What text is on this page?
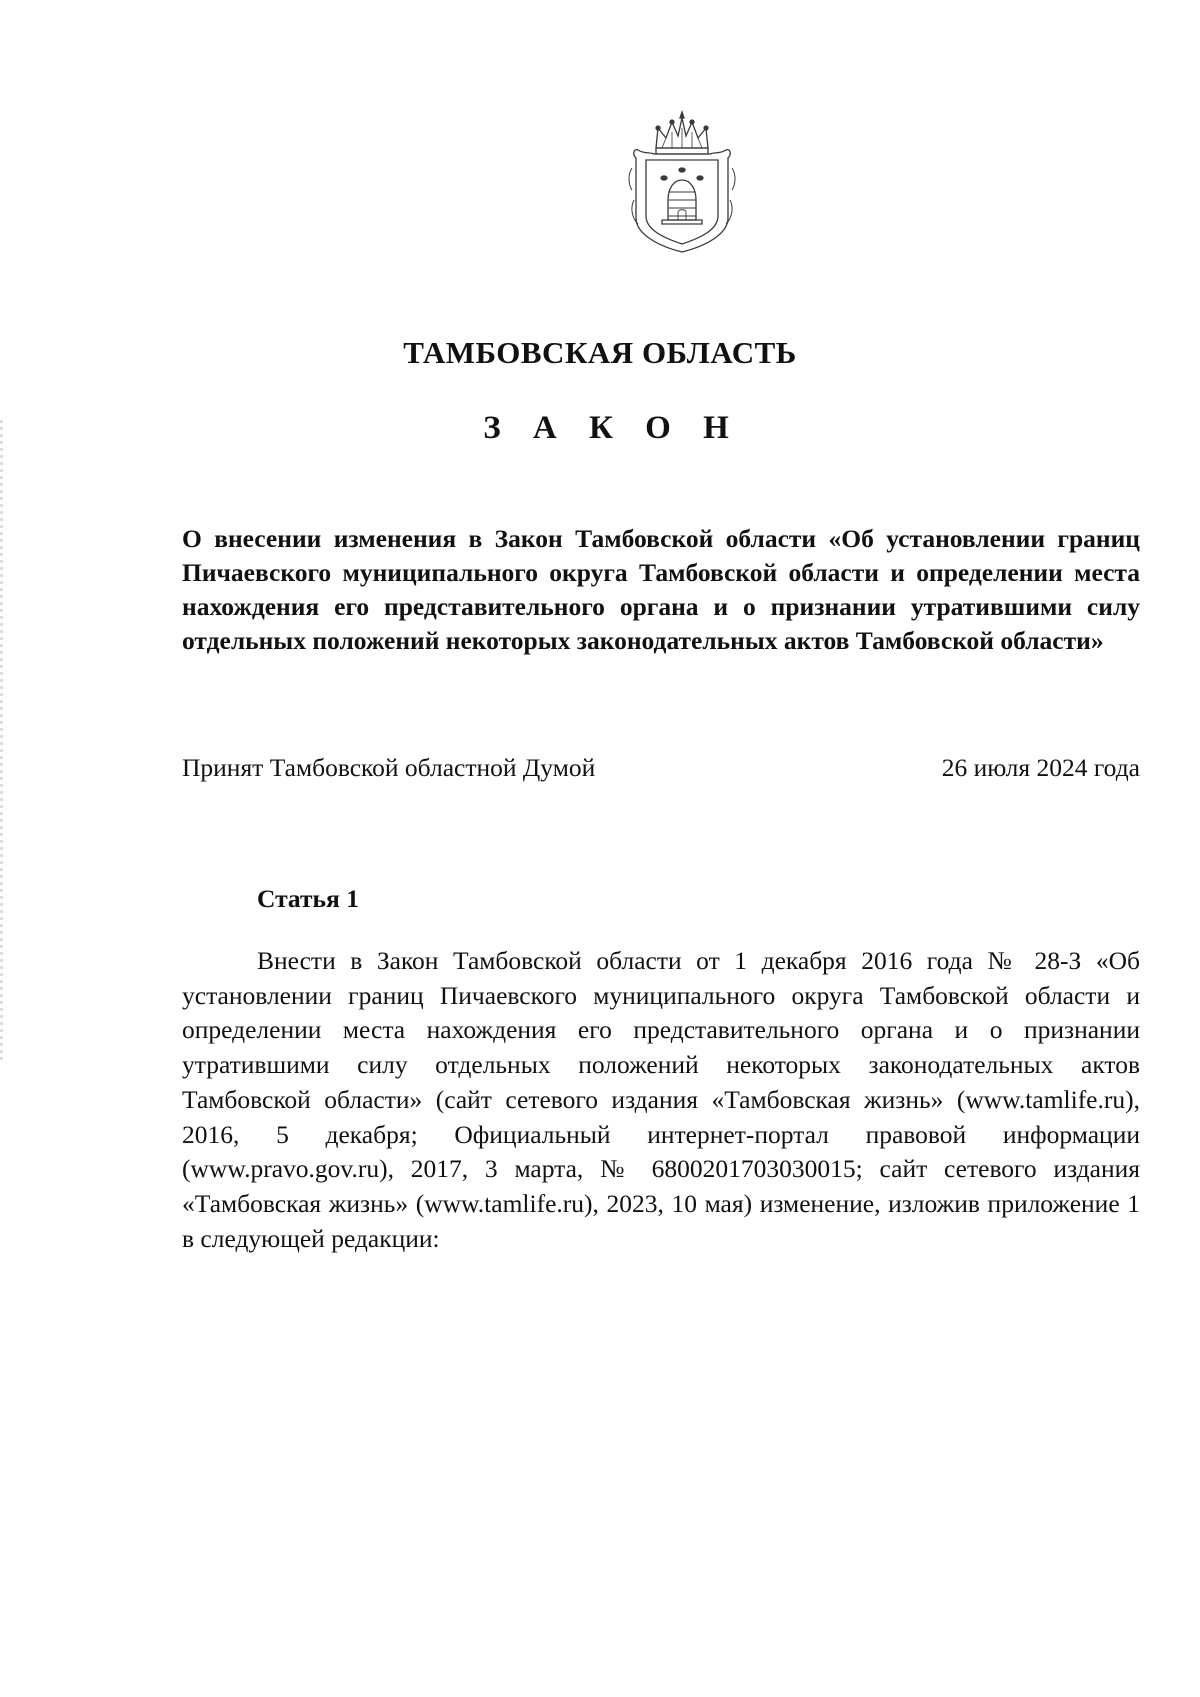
ТАМБОВСКАЯ ОБЛАСТЬ
З А К О Н
О внесении изменения в Закон Тамбовской области «Об установлении границ Пичаевского муниципального округа Тамбовской области и определении места нахождения его представительного органа и о признании утратившими силу отдельных положений некоторых законодательных актов Тамбовской области»
Принят Тамбовской областной Думой	26 июля 2024 года
Статья 1
Внести в Закон Тамбовской области от 1 декабря 2016 года № 28-З «Об установлении границ Пичаевского муниципального округа Тамбовской области и определении места нахождения его представительного органа и о признании утратившими силу отдельных положений некоторых законодательных актов Тамбовской области» (сайт сетевого издания «Тамбовская жизнь» (www.tamlife.ru), 2016, 5 декабря; Официальный интернет-портал правовой информации (www.pravo.gov.ru), 2017, 3 марта, № 6800201703030015; сайт сетевого издания «Тамбовская жизнь» (www.tamlife.ru), 2023, 10 мая) изменение, изложив приложение 1 в следующей редакции:
